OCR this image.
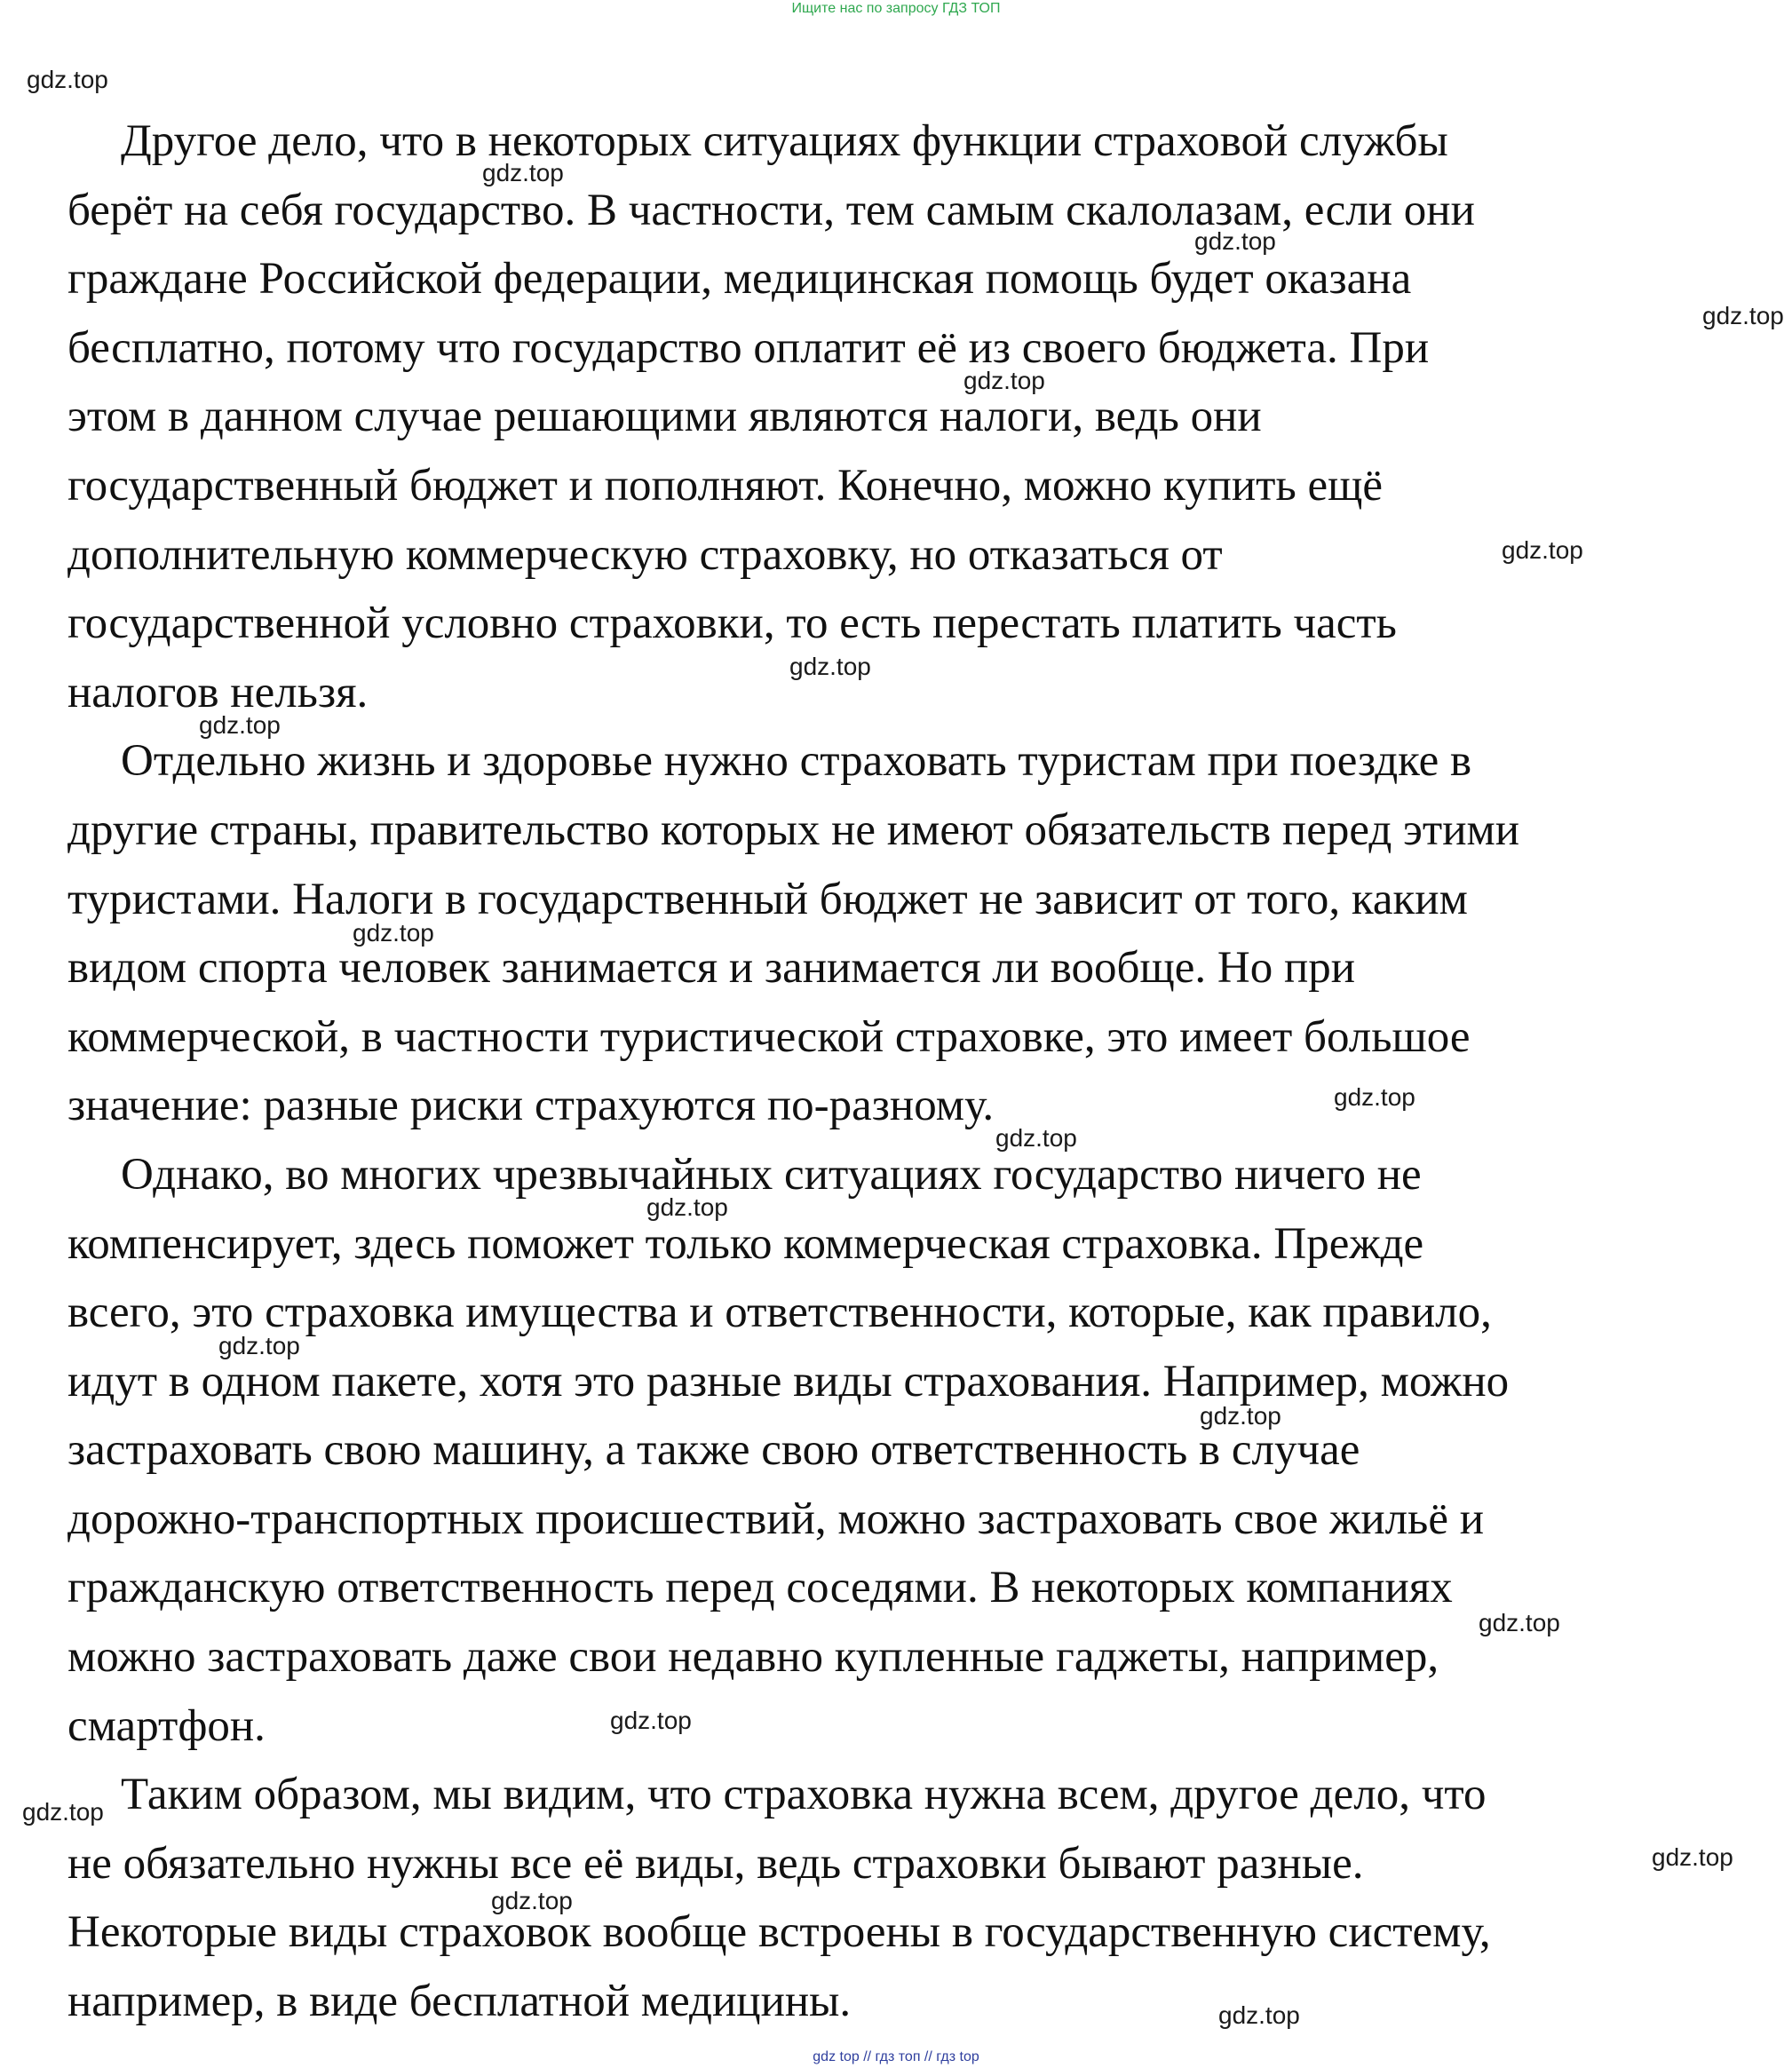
Ищите нас по запросу ГДЗ ТОП

Другое дело, что в некоторых ситуациях функции страховой службы
берёт на себя государство. В частности, тем самым скалолазам, если они
граждане Российской федерации, медицинская помощь будет оказана
бесплатно, потому что государство оплатит её из своего бюджета. При
этом в данном случае решающими являются налоги, ведь они
государственный бюджет и пополняют. Конечно, можно купить ещё
дополнительную коммерческую страховку, но отказаться от
государственной условно страховки, то есть перестать платить часть
налогов нельзя.

Отдельно жизнь и здоровье нужно страховать туристам при поездке в
другие страны, правительство которых не имеют обязательств перед этими
туристами. Налоги в государственный бюджет не зависит от того, каким
видом спорта человек занимается и занимается ли вообще. Но при
коммерческой, в частности туристической страховке, это имеет большое
значение: разные риски страхуются по-разному.

Однако, во многих чрезвычайных ситуациях государство ничего не
компенсирует, здесь поможет только коммерческая страховка. Прежде
всего, это страховка имущества и ответственности, которые, как правило,
идут в одном пакете, хотя это разные виды страхования. Например, можно
застраховать свою машину, а также свою ответственность в случае
дорожно-транспортных происшествий, можно застраховать свое жильё и
гражданскую ответственность перед соседями. В некоторых компаниях
можно застраховать даже свои недавно купленные гаджеты, например,
смартфон.

Таким образом, мы видим, что страховка нужна всем, другое дело, что
не обязательно нужны все её виды, ведь страховки бывают разные.
Некоторые виды страховок вообще встроены в государственную систему,
например, в виде бесплатной медицины.

gdz.top
gdz.top
gdz.top
gdz.top
gdz.top
gdz.top
gdz.top
gdz.top
gdz.top
gdz.top
gdz.top
gdz.top
gdz.top
gdz.top
gdz.top
gdz.top
gdz.top
gdz.top
gdz.top
gdz.top
gdz top // гдз топ // гдз top
